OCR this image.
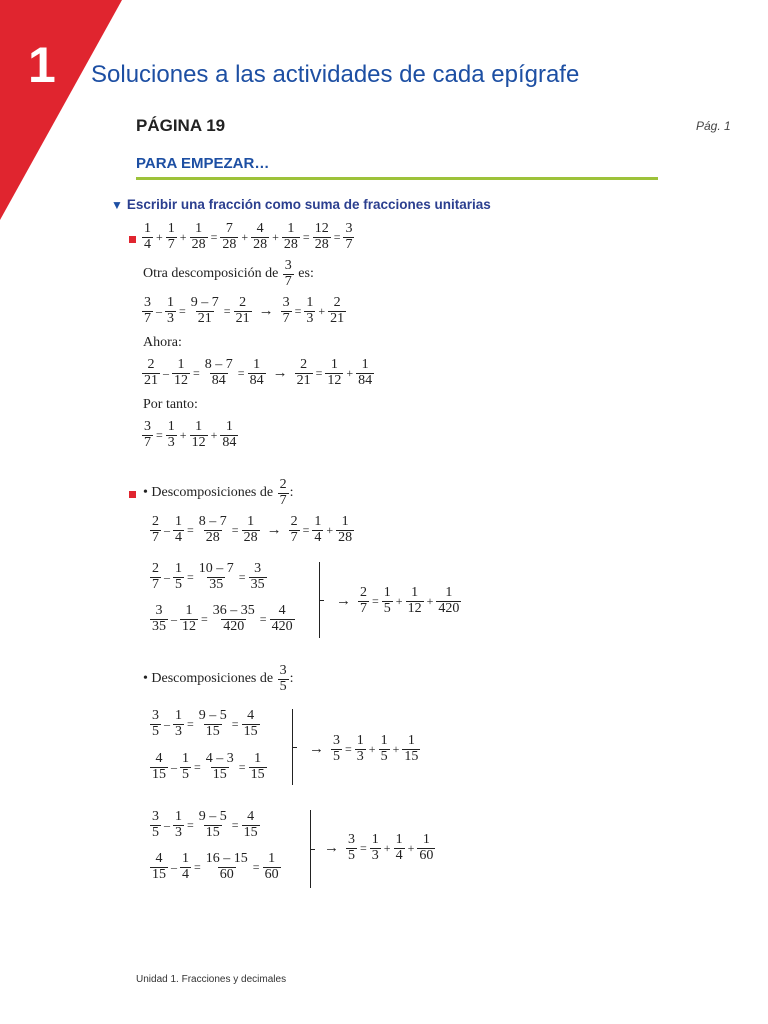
1 Soluciones a las actividades de cada epígrafe
PÁGINA 19	Pág. 1
PARA EMPEZAR…
▼ Escribir una fracción como suma de fracciones unitarias
1
$4 + \frac{1}{7} + \frac{1}{28} = \frac{7}{28} + \frac{4}{28} + \frac{1}{28} = \frac{12}{28} = \frac{3}{7}$
Otra descomposición de

3
7
es:
3
$7 - \frac{1}{3} = \frac{9 - 7}{21} = \frac{2}{21} \to \frac{3}{7} = \frac{1}{3} + \frac{2}{21}$
Ahora:
2
$21 - \frac{1}{12} = \frac{8 - 7}{84} = \frac{1}{84} \to \frac{2}{21} = \frac{1}{12} + \frac{1}{84}$
Por tanto:
$\frac{3}{7} = \frac{1}{3} + \frac{1}{12} + \frac{1}{84}$
• Descomposiciones de

2
7 :
2
$7 - \frac{1}{4} = \frac{8 - 7}{28} = \frac{1}{28} \to \frac{2}{7} = \frac{1}{4} + \frac{1}{28}$
2
$7 - \frac{1}{5} = \frac{10 - 7}{35} = \frac{3}{35}$
3
$35 - \frac{1}{12} = \frac{36 - 35}{420} = \frac{4}{420}$
→ $\frac{2}{7} = \frac{1}{5} + \frac{1}{12} + \frac{1}{420}$
• Descomposiciones de

3
5 :
3
$5 - \frac{1}{3} = \frac{9 - 5}{15} = \frac{4}{15}$
4
$15 - \frac{1}{5} = \frac{4 - 3}{15} = \frac{1}{15}$
→ $\frac{3}{5} = \frac{1}{3} + \frac{1}{5} + \frac{1}{15}$
3
$5 - \frac{1}{3} = \frac{9 - 5}{15} = \frac{4}{15}$
4
$15 - \frac{1}{4} = \frac{16 - 15}{60} = \frac{1}{60}$
→ $\frac{3}{5} = \frac{1}{3} + \frac{1}{4} + \frac{1}{60}$
Unidad 1. Fracciones y decimales
